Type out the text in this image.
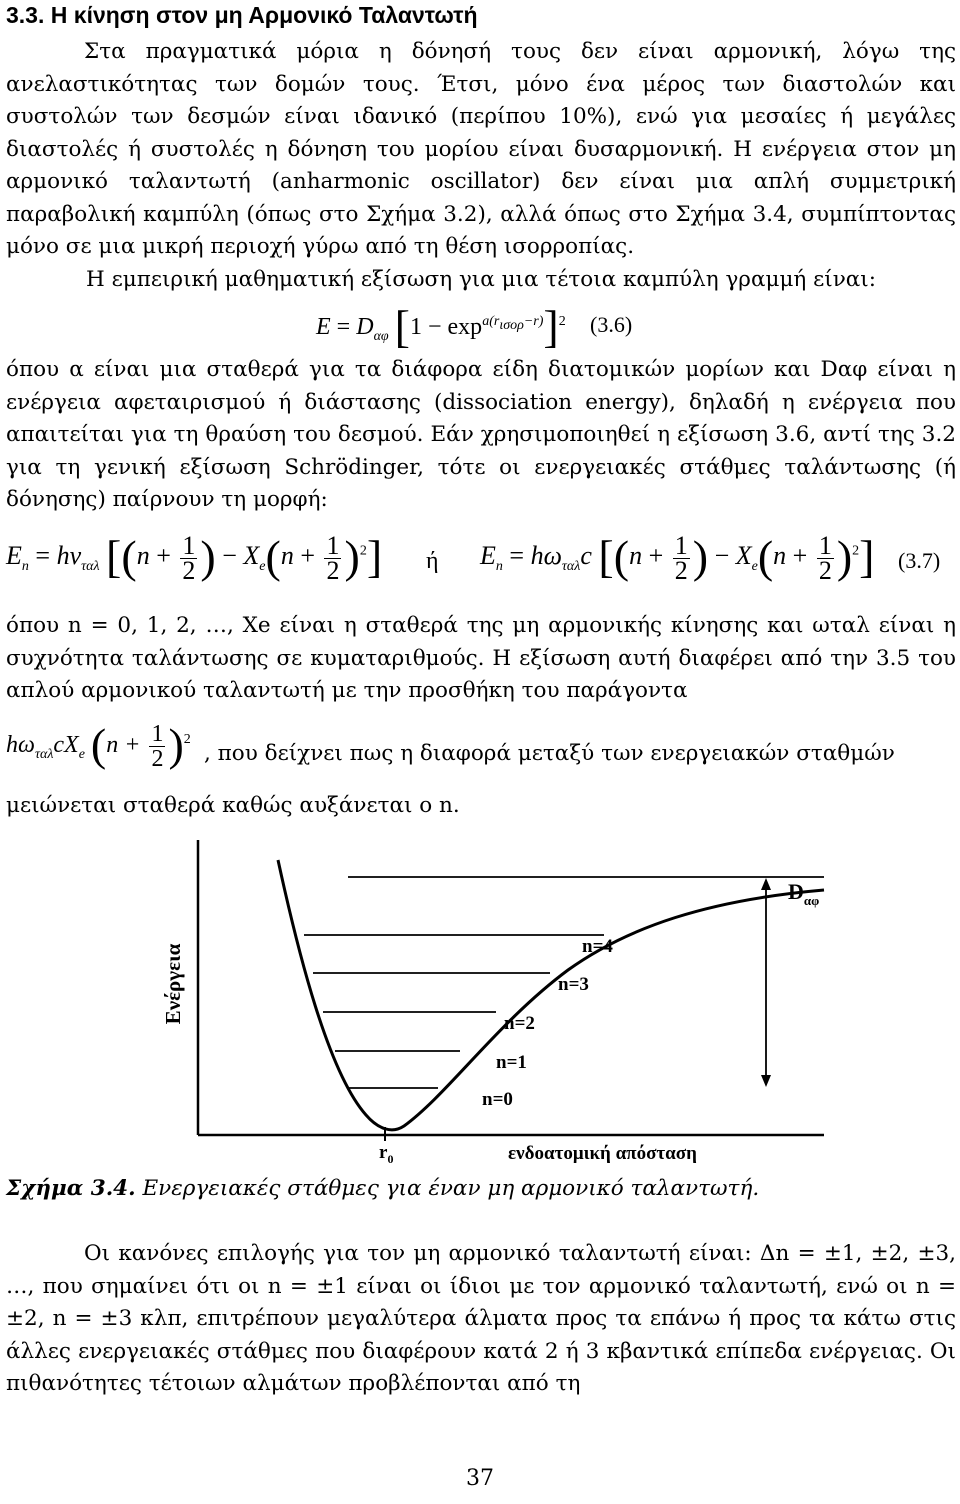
3.3. Η κίνηση στον μη Αρμονικό Ταλαντωτή

Στα πραγματικά μόρια η δόνησή τους δεν είναι αρμονική, λόγω της ανελαστικότητας των δομών τους. Έτσι, μόνο ένα μέρος των διαστολών και συστολών των δεσμών είναι ιδανικό (περίπου 10%), ενώ για μεσαίες ή μεγάλες διαστολές ή συστολές η δόνηση του μορίου είναι δυσαρμονική. Η ενέργεια στον μη αρμονικό ταλαντωτή (anharmonic oscillator) δεν είναι μια απλή συμμετρική παραβολική καμπύλη (όπως στο Σχήμα 3.2), αλλά όπως στο Σχήμα 3.4, συμπίπτοντας μόνο σε μια μικρή περιοχή γύρω από τη θέση ισορροπίας.

Η εμπειρική μαθηματική εξίσωση για μια τέτοια καμπύλη γραμμή είναι:

$E = D_{\alpha\varphi}$ $[1 - \exp^{a(r_{\iota\sigma o\rho}-r)}]^2$ (3.6)

όπου α είναι μια σταθερά για τα διάφορα είδη διατομικών μορίων και Dαφ είναι η ενέργεια αφεταιρισμού ή διάστασης (dissociation energy), δηλαδή η ενέργεια που απαιτείται για τη θραύση του δεσμού. Εάν χρησιμοποιηθεί η εξίσωση 3.6, αντί της 3.2 για τη γενική εξίσωση Schrödinger, τότε οι ενεργειακές στάθμες ταλάντωσης (ή δόνησης) παίρνουν τη μορφή:

$E_n = h\nu_{\tau\alpha\lambda}$ [($n + \frac{1}{2}$ ) − $X_e(n + \frac{1}{2} )^2$] ή $E_n = h\omega_{\tau\alpha\lambda}c$ [($n + \frac{1}{2}$ ) − $X_e(n + \frac{1}{2} )^2$] (3.7)

όπου n = 0, 1, 2, …, Xe είναι η σταθερά της μη αρμονικής κίνησης και ωταλ είναι η συχνότητα ταλάντωσης σε κυματαριθμούς. Η εξίσωση αυτή διαφέρει από την 3.5 του απλού αρμονικού ταλαντωτή με την προσθήκη του παράγοντα

$h\omega_{\tau\alpha\lambda}cX_e$ $(n + \frac{1}{2} )^2$

, που δείχνει πως η διαφορά μεταξύ των ενεργειακών σταθμών

μειώνεται σταθερά καθώς αυξάνεται ο n.

Ενέργεια	n=4
n=3
n=2
n=1
n=0
$D_{\alpha\varphi}$
$r_0$	ενδοατομική απόσταση
Σχήμα 3.4. Ενεργειακές στάθμες για έναν μη αρμονικό ταλαντωτή.

Οι κανόνες επιλογής για τον μη αρμονικό ταλαντωτή είναι: Δn = ±1, ±2, ±3, …, που σημαίνει ότι οι n = ±1 είναι οι ίδιοι με τον αρμονικό ταλαντωτή, ενώ οι n = ±2, n = ±3 κλπ, επιτρέπουν μεγαλύτερα άλματα προς τα επάνω ή προς τα κάτω στις άλλες ενεργειακές στάθμες που διαφέρουν κατά 2 ή 3 κβαντικά επίπεδα ενέργειας. Οι πιθανότητες τέτοιων αλμάτων προβλέπονται από τη

37
